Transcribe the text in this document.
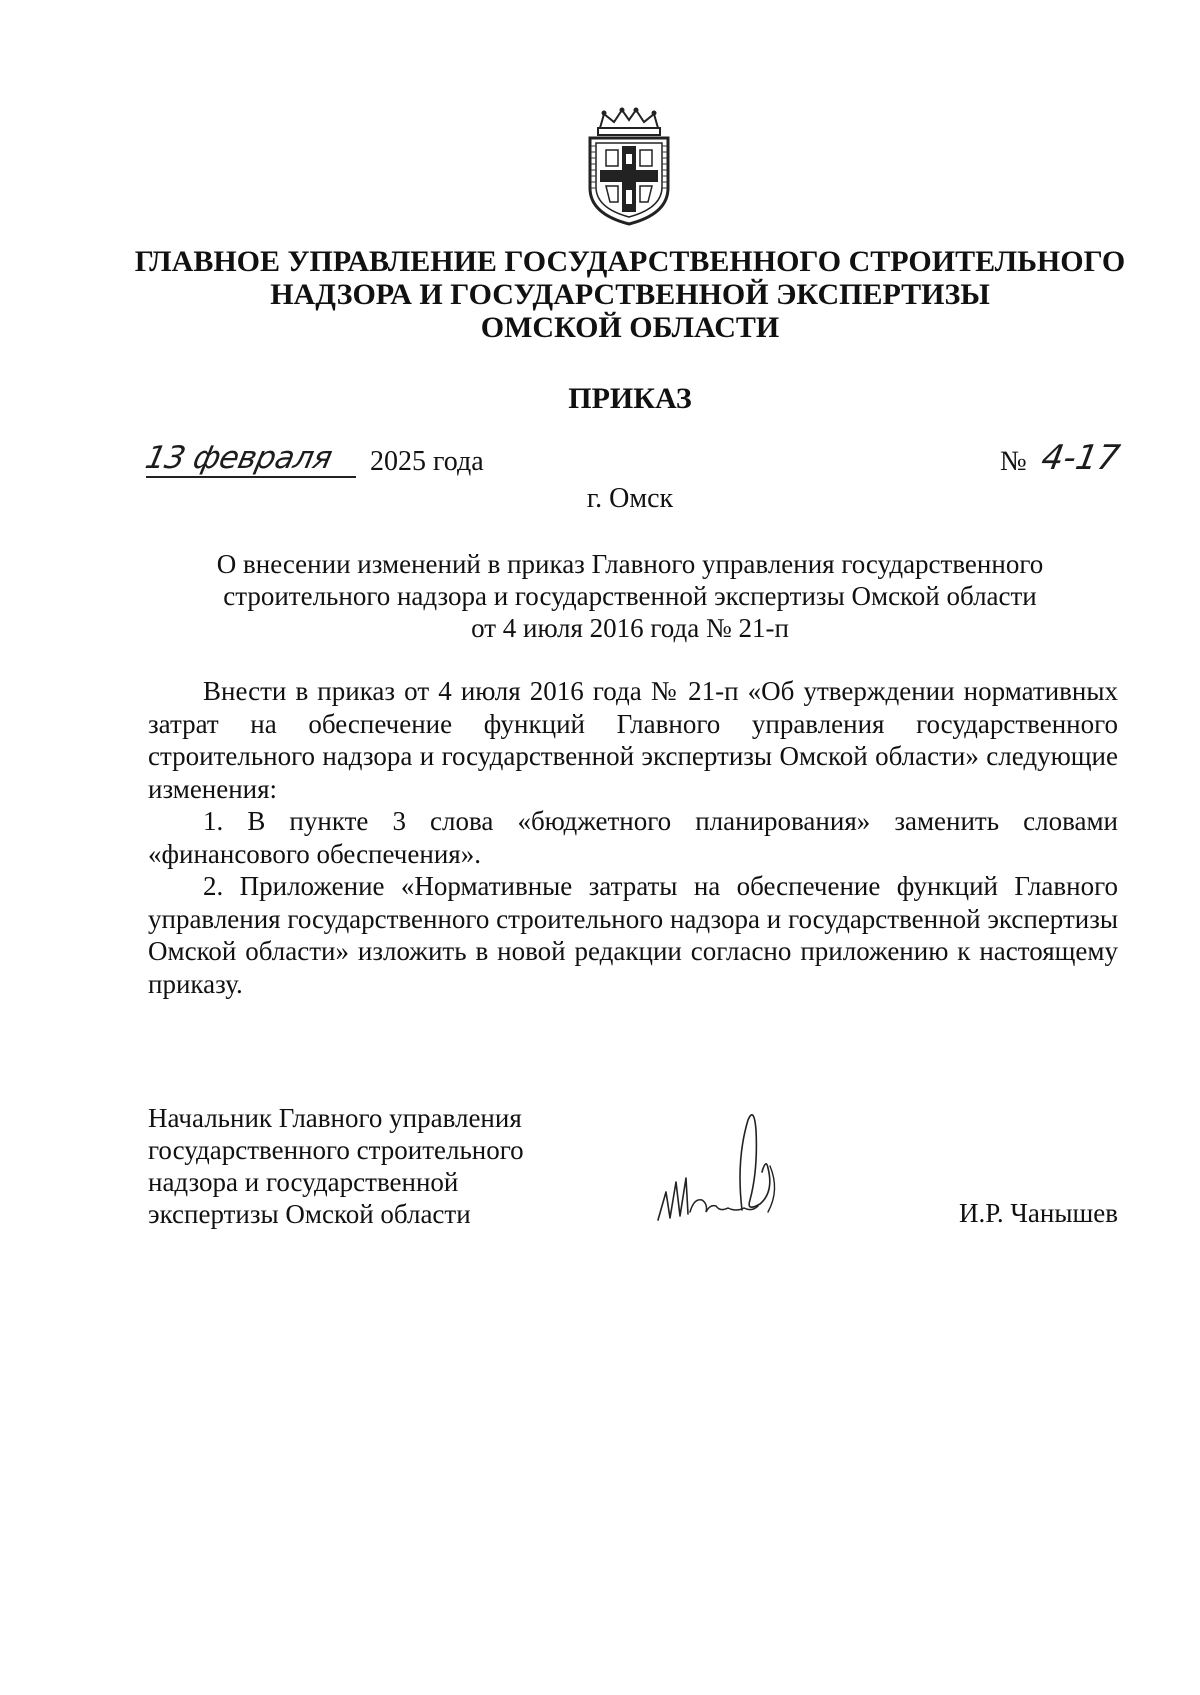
ГЛАВНОЕ УПРАВЛЕНИЕ ГОСУДАРСТВЕННОГО СТРОИТЕЛЬНОГО
НАДЗОРА И ГОСУДАРСТВЕННОЙ ЭКСПЕРТИЗЫ
ОМСКОЙ ОБЛАСТИ
ПРИКАЗ
13 февраля 2025 года	№ 4-17
г. Омск
О внесении изменений в приказ Главного управления государственного
строительного надзора и государственной экспертизы Омской области
от 4 июля 2016 года № 21-п

Внести в приказ от 4 июля 2016 года № 21-п «Об утверждении нормативных затрат на обеспечение функций Главного управления государственного строительного надзора и государственной экспертизы Омской области» следующие изменения:

1. В пункте 3 слова «бюджетного планирования» заменить словами «финансового обеспечения».

2. Приложение «Нормативные затраты на обеспечение функций Главного управления государственного строительного надзора и государственной экспертизы Омской области» изложить в новой редакции согласно приложению к настоящему приказу.

Начальник Главного управления
государственного строительного
надзора и государственной
экспертизы Омской области	И.Р. Чанышев
